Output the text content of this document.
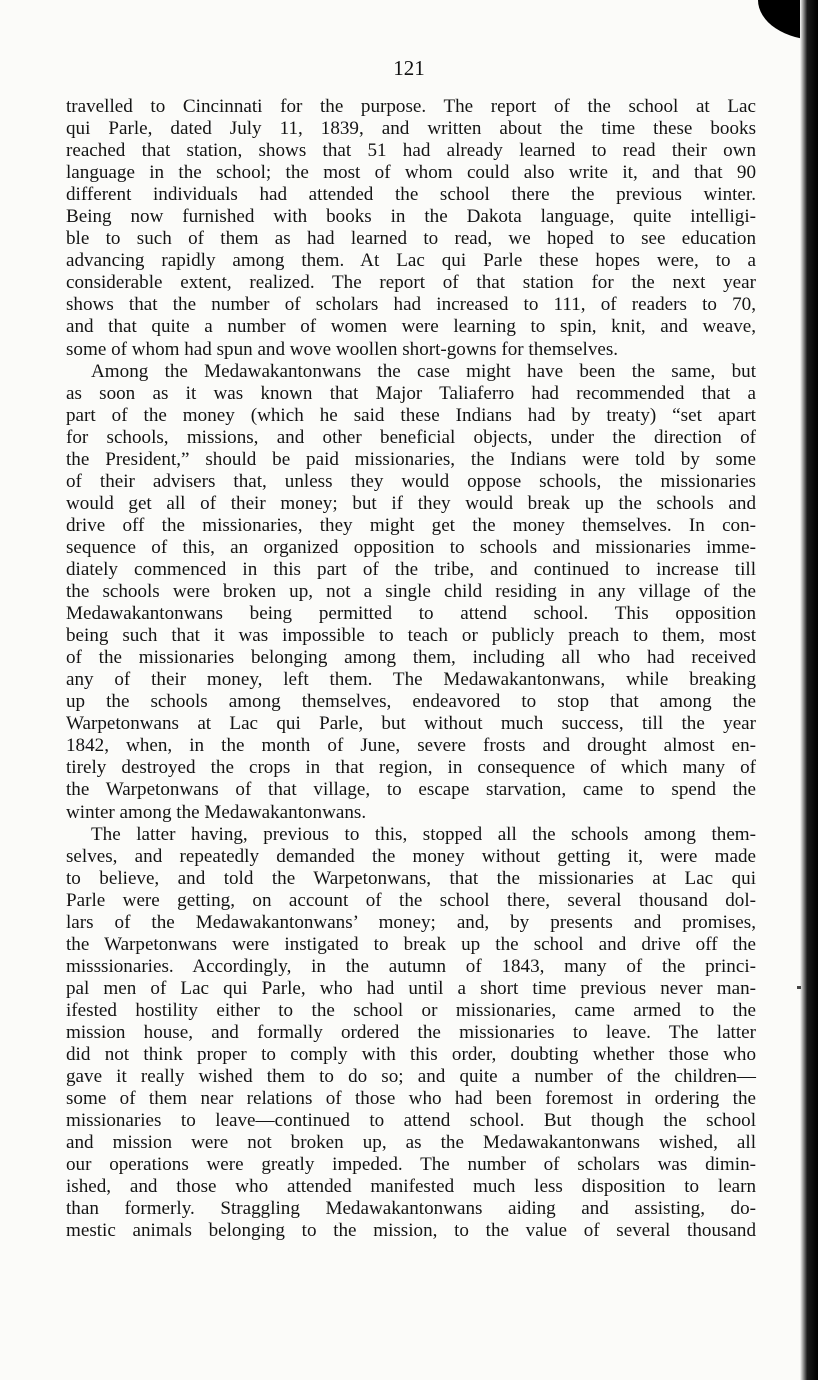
121
travelled to Cincinnati for the purpose. The report of the school at Lac
qui Parle, dated July 11, 1839, and written about the time these books
reached that station, shows that 51 had already learned to read their own
language in the school; the most of whom could also write it, and that 90
different individuals had attended the school there the previous winter.
Being now furnished with books in the Dakota language, quite intelligi-
ble to such of them as had learned to read, we hoped to see education
advancing rapidly among them. At Lac qui Parle these hopes were, to a
considerable extent, realized. The report of that station for the next year
shows that the number of scholars had increased to 111, of readers to 70,
and that quite a number of women were learning to spin, knit, and weave,
some of whom had spun and wove woollen short-gowns for themselves.
Among the Medawakantonwans the case might have been the same, but
as soon as it was known that Major Taliaferro had recommended that a
part of the money (which he said these Indians had by treaty) “set apart
for schools, missions, and other beneficial objects, under the direction of
the President,” should be paid missionaries, the Indians were told by some
of their advisers that, unless they would oppose schools, the missionaries
would get all of their money; but if they would break up the schools and
drive off the missionaries, they might get the money themselves. In con-
sequence of this, an organized opposition to schools and missionaries imme-
diately commenced in this part of the tribe, and continued to increase till
the schools were broken up, not a single child residing in any village of the
Medawakantonwans being permitted to attend school. This opposition
being such that it was impossible to teach or publicly preach to them, most
of the missionaries belonging among them, including all who had received
any of their money, left them. The Medawakantonwans, while breaking
up the schools among themselves, endeavored to stop that among the
Warpetonwans at Lac qui Parle, but without much success, till the year
1842, when, in the month of June, severe frosts and drought almost en-
tirely destroyed the crops in that region, in consequence of which many of
the Warpetonwans of that village, to escape starvation, came to spend the
winter among the Medawakantonwans.
The latter having, previous to this, stopped all the schools among them-
selves, and repeatedly demanded the money without getting it, were made
to believe, and told the Warpetonwans, that the missionaries at Lac qui
Parle were getting, on account of the school there, several thousand dol-
lars of the Medawakantonwans’ money; and, by presents and promises,
the Warpetonwans were instigated to break up the school and drive off the
misssionaries. Accordingly, in the autumn of 1843, many of the princi-
pal men of Lac qui Parle, who had until a short time previous never man-
ifested hostility either to the school or missionaries, came armed to the
mission house, and formally ordered the missionaries to leave. The latter
did not think proper to comply with this order, doubting whether those who
gave it really wished them to do so; and quite a number of the children—
some of them near relations of those who had been foremost in ordering the
missionaries to leave—continued to attend school. But though the school
and mission were not broken up, as the Medawakantonwans wished, all
our operations were greatly impeded. The number of scholars was dimin-
ished, and those who attended manifested much less disposition to learn
than formerly. Straggling Medawakantonwans aiding and assisting, do-
mestic animals belonging to the mission, to the value of several thousand
